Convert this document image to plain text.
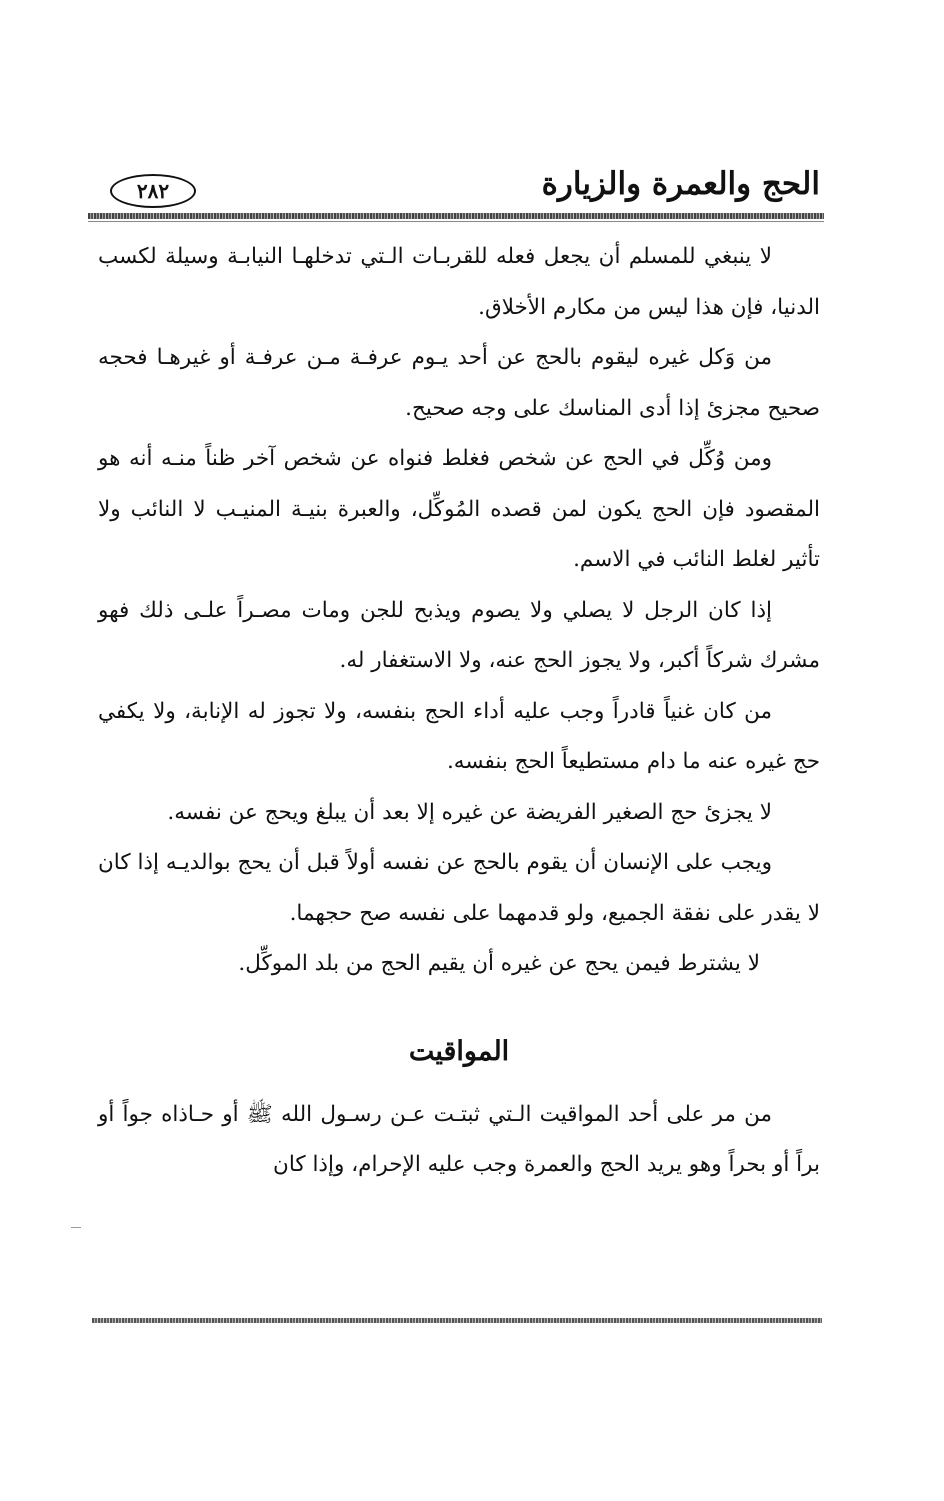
الحج والعمرة والزيارة
٢٨٢

لا ينبغي للمسلم أن يجعل فعله للقربـات الـتي تدخلهـا النيابـة وسيلة لكسب الدنيا، فإن هذا ليس من مكارم الأخلاق.

من وَكل غيره ليقوم بالحج عن أحد يـوم عرفـة مـن عرفـة أو غيرهـا فحجه صحيح مجزئ إذا أدى المناسك على وجه صحيح.

ومن وُكِّل في الحج عن شخص فغلط فنواه عن شخص آخر ظناً منـه أنه هو المقصود فإن الحج يكون لمن قصده المُوكِّل، والعبرة بنيـة المنيـب لا النائب ولا تأثير لغلط النائب في الاسم.

إذا كان الرجل لا يصلي ولا يصوم ويذبح للجن ومات مصـراً علـى ذلك فهو مشرك شركاً أكبر، ولا يجوز الحج عنه، ولا الاستغفار له.

من كان غنياً قادراً وجب عليه أداء الحج بنفسه، ولا تجوز له الإنابة، ولا يكفي حج غيره عنه ما دام مستطيعاً الحج بنفسه.

لا يجزئ حج الصغير الفريضة عن غيره إلا بعد أن يبلغ ويحج عن نفسه.

ويجب على الإنسان أن يقوم بالحج عن نفسه أولاً قبل أن يحج بوالديـه إذا كان لا يقدر على نفقة الجميع، ولو قدمهما على نفسه صح حجهما.

لا يشترط فيمن يحج عن غيره أن يقيم الحج من بلد الموكِّل.

المواقيت

من مر على أحد المواقيت الـتي ثبتـت عـن رسـول الله ﷺ أو حـاذاه جواً أو براً أو بحراً وهو يريد الحج والعمرة وجب عليه الإحرام، وإذا كان
